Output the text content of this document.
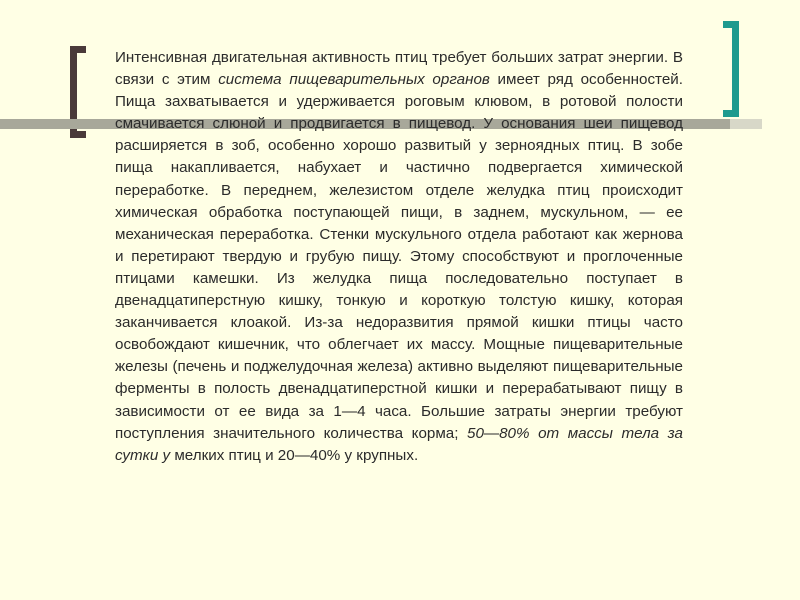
Интенсивная двигательная активность птиц требует больших затрат энергии. В связи с этим система пищеварительных органов имеет ряд особенностей. Пища захватывается и удерживается роговым клювом, в ротовой полости смачивается слюной и продвигается в пищевод. У основания шеи пищевод расширяется в зоб, особенно хорошо развитый у зерноядных птиц. В зобе пища накапливается, набухает и частично подвергается химической переработке. В переднем, железистом отделе желудка птиц происходит химическая обработка поступающей пищи, в заднем, мускульном, — ее механическая переработка. Стенки мускульного отдела работают как жернова и перетирают твердую и грубую пищу. Этому способствуют и проглоченные птицами камешки. Из желудка пища последовательно поступает в двенадцатиперстную кишку, тонкую и короткую толстую кишку, которая заканчивается клоакой. Из-за недоразвития прямой кишки птицы часто освобождают кишечник, что облегчает их массу. Мощные пищеварительные железы (печень и поджелудочная железа) активно выделяют пищеварительные ферменты в полость двенадцатиперстной кишки и перерабатывают пищу в зависимости от ее вида за 1—4 часа. Большие затраты энергии требуют поступления значительного количества корма; 50—80% от массы тела за сутки у мелких птиц и 20—40% у крупных.
